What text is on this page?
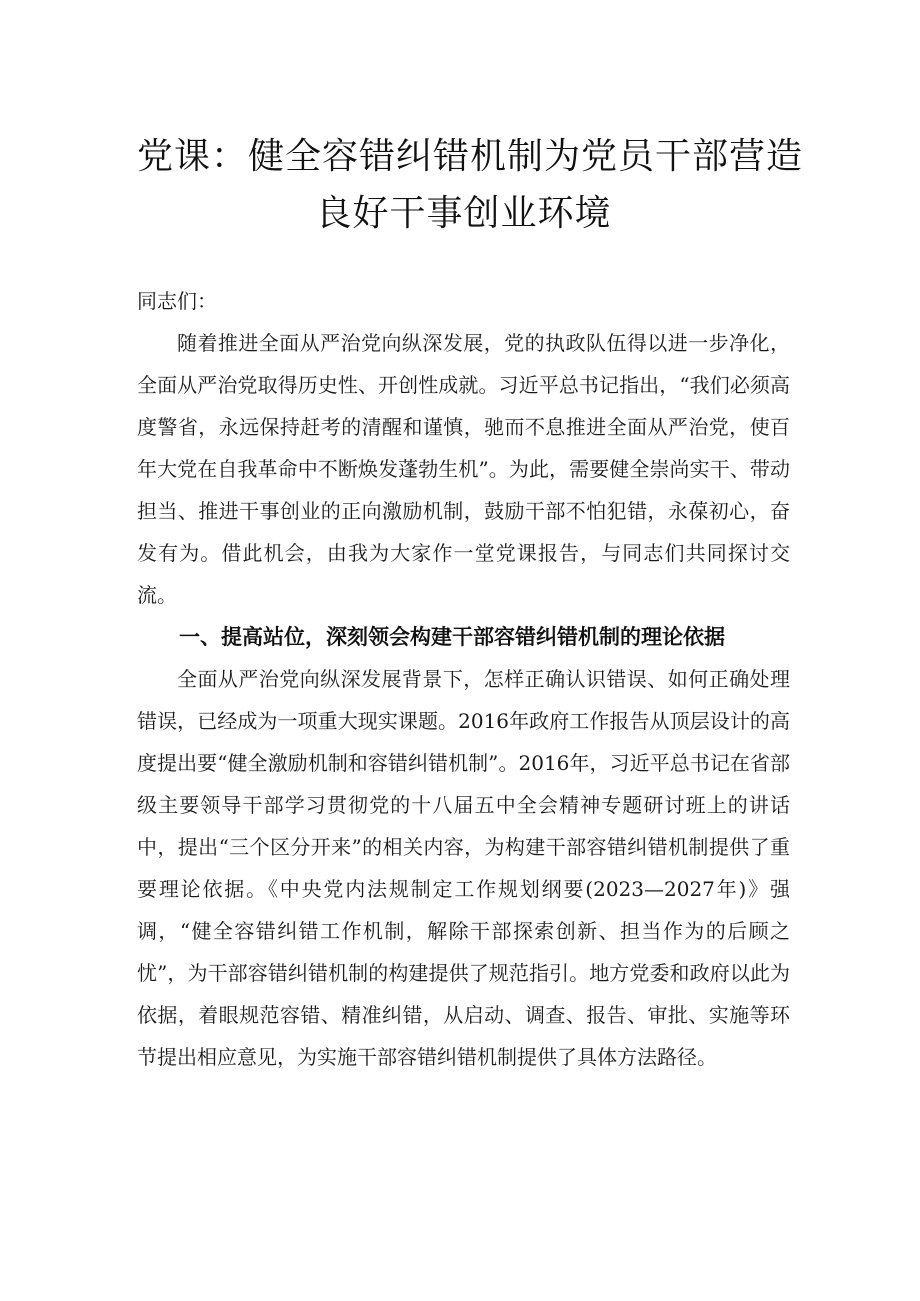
党课：健全容错纠错机制为党员干部营造
良好干事创业环境

同志们：

随着推进全面从严治党向纵深发展，党的执政队伍得以进一步净化，全面从严治党取得历史性、开创性成就。习近平总书记指出，“我们必须高度警省，永远保持赶考的清醒和谨慎，驰而不息推进全面从严治党，使百年大党在自我革命中不断焕发蓬勃生机”。为此，需要健全崇尚实干、带动担当、推进干事创业的正向激励机制，鼓励干部不怕犯错，永葆初心，奋发有为。借此机会，由我为大家作一堂党课报告，与同志们共同探讨交流。

一、提高站位，深刻领会构建干部容错纠错机制的理论依据

全面从严治党向纵深发展背景下，怎样正确认识错误、如何正确处理错误，已经成为一项重大现实课题。2016年政府工作报告从顶层设计的高度提出要“健全激励机制和容错纠错机制”。2016年，习近平总书记在省部级主要领导干部学习贯彻党的十八届五中全会精神专题研讨班上的讲话中，提出“三个区分开来”的相关内容，为构建干部容错纠错机制提供了重要理论依据。《中央党内法规制定工作规划纲要(2023—2027年)》强调，“健全容错纠错工作机制，解除干部探索创新、担当作为的后顾之忧”，为干部容错纠错机制的构建提供了规范指引。地方党委和政府以此为依据，着眼规范容错、精准纠错，从启动、调查、报告、审批、实施等环节提出相应意见，为实施干部容错纠错机制提供了具体方法路径。
